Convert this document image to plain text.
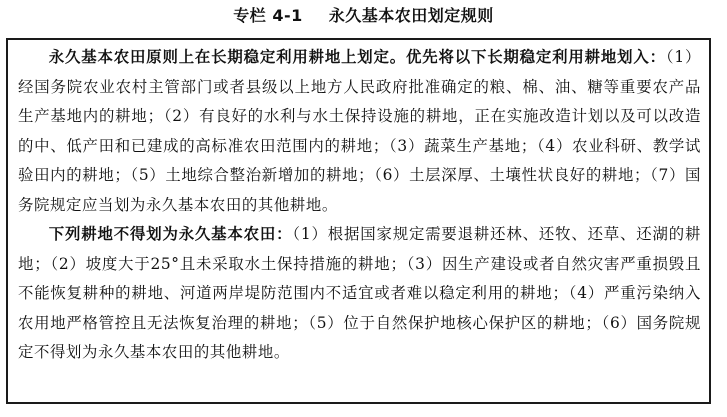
专栏 4-1 永久基本农田划定规则

永久基本农田原则上在长期稳定利用耕地上划定。优先将以下长期稳定利用耕地划入：（1）经国务院农业农村主管部门或者县级以上地方人民政府批准确定的粮、棉、油、糖等重要农产品生产基地内的耕地；（2）有良好的水利与水土保持设施的耕地，正在实施改造计划以及可以改造的中、低产田和已建成的高标准农田范围内的耕地；（3）蔬菜生产基地；（4）农业科研、教学试验田内的耕地；（5）土地综合整治新增加的耕地；（6）土层深厚、土壤性状良好的耕地；（7）国务院规定应当划为永久基本农田的其他耕地。

下列耕地不得划为永久基本农田：（1）根据国家规定需要退耕还林、还牧、还草、还湖的耕地；（2）坡度大于25°且未采取水土保持措施的耕地；（3）因生产建设或者自然灾害严重损毁且不能恢复耕种的耕地、河道两岸堤防范围内不适宜或者难以稳定利用的耕地；（4）严重污染纳入农用地严格管控且无法恢复治理的耕地；（5）位于自然保护地核心保护区的耕地；（6）国务院规定不得划为永久基本农田的其他耕地。
